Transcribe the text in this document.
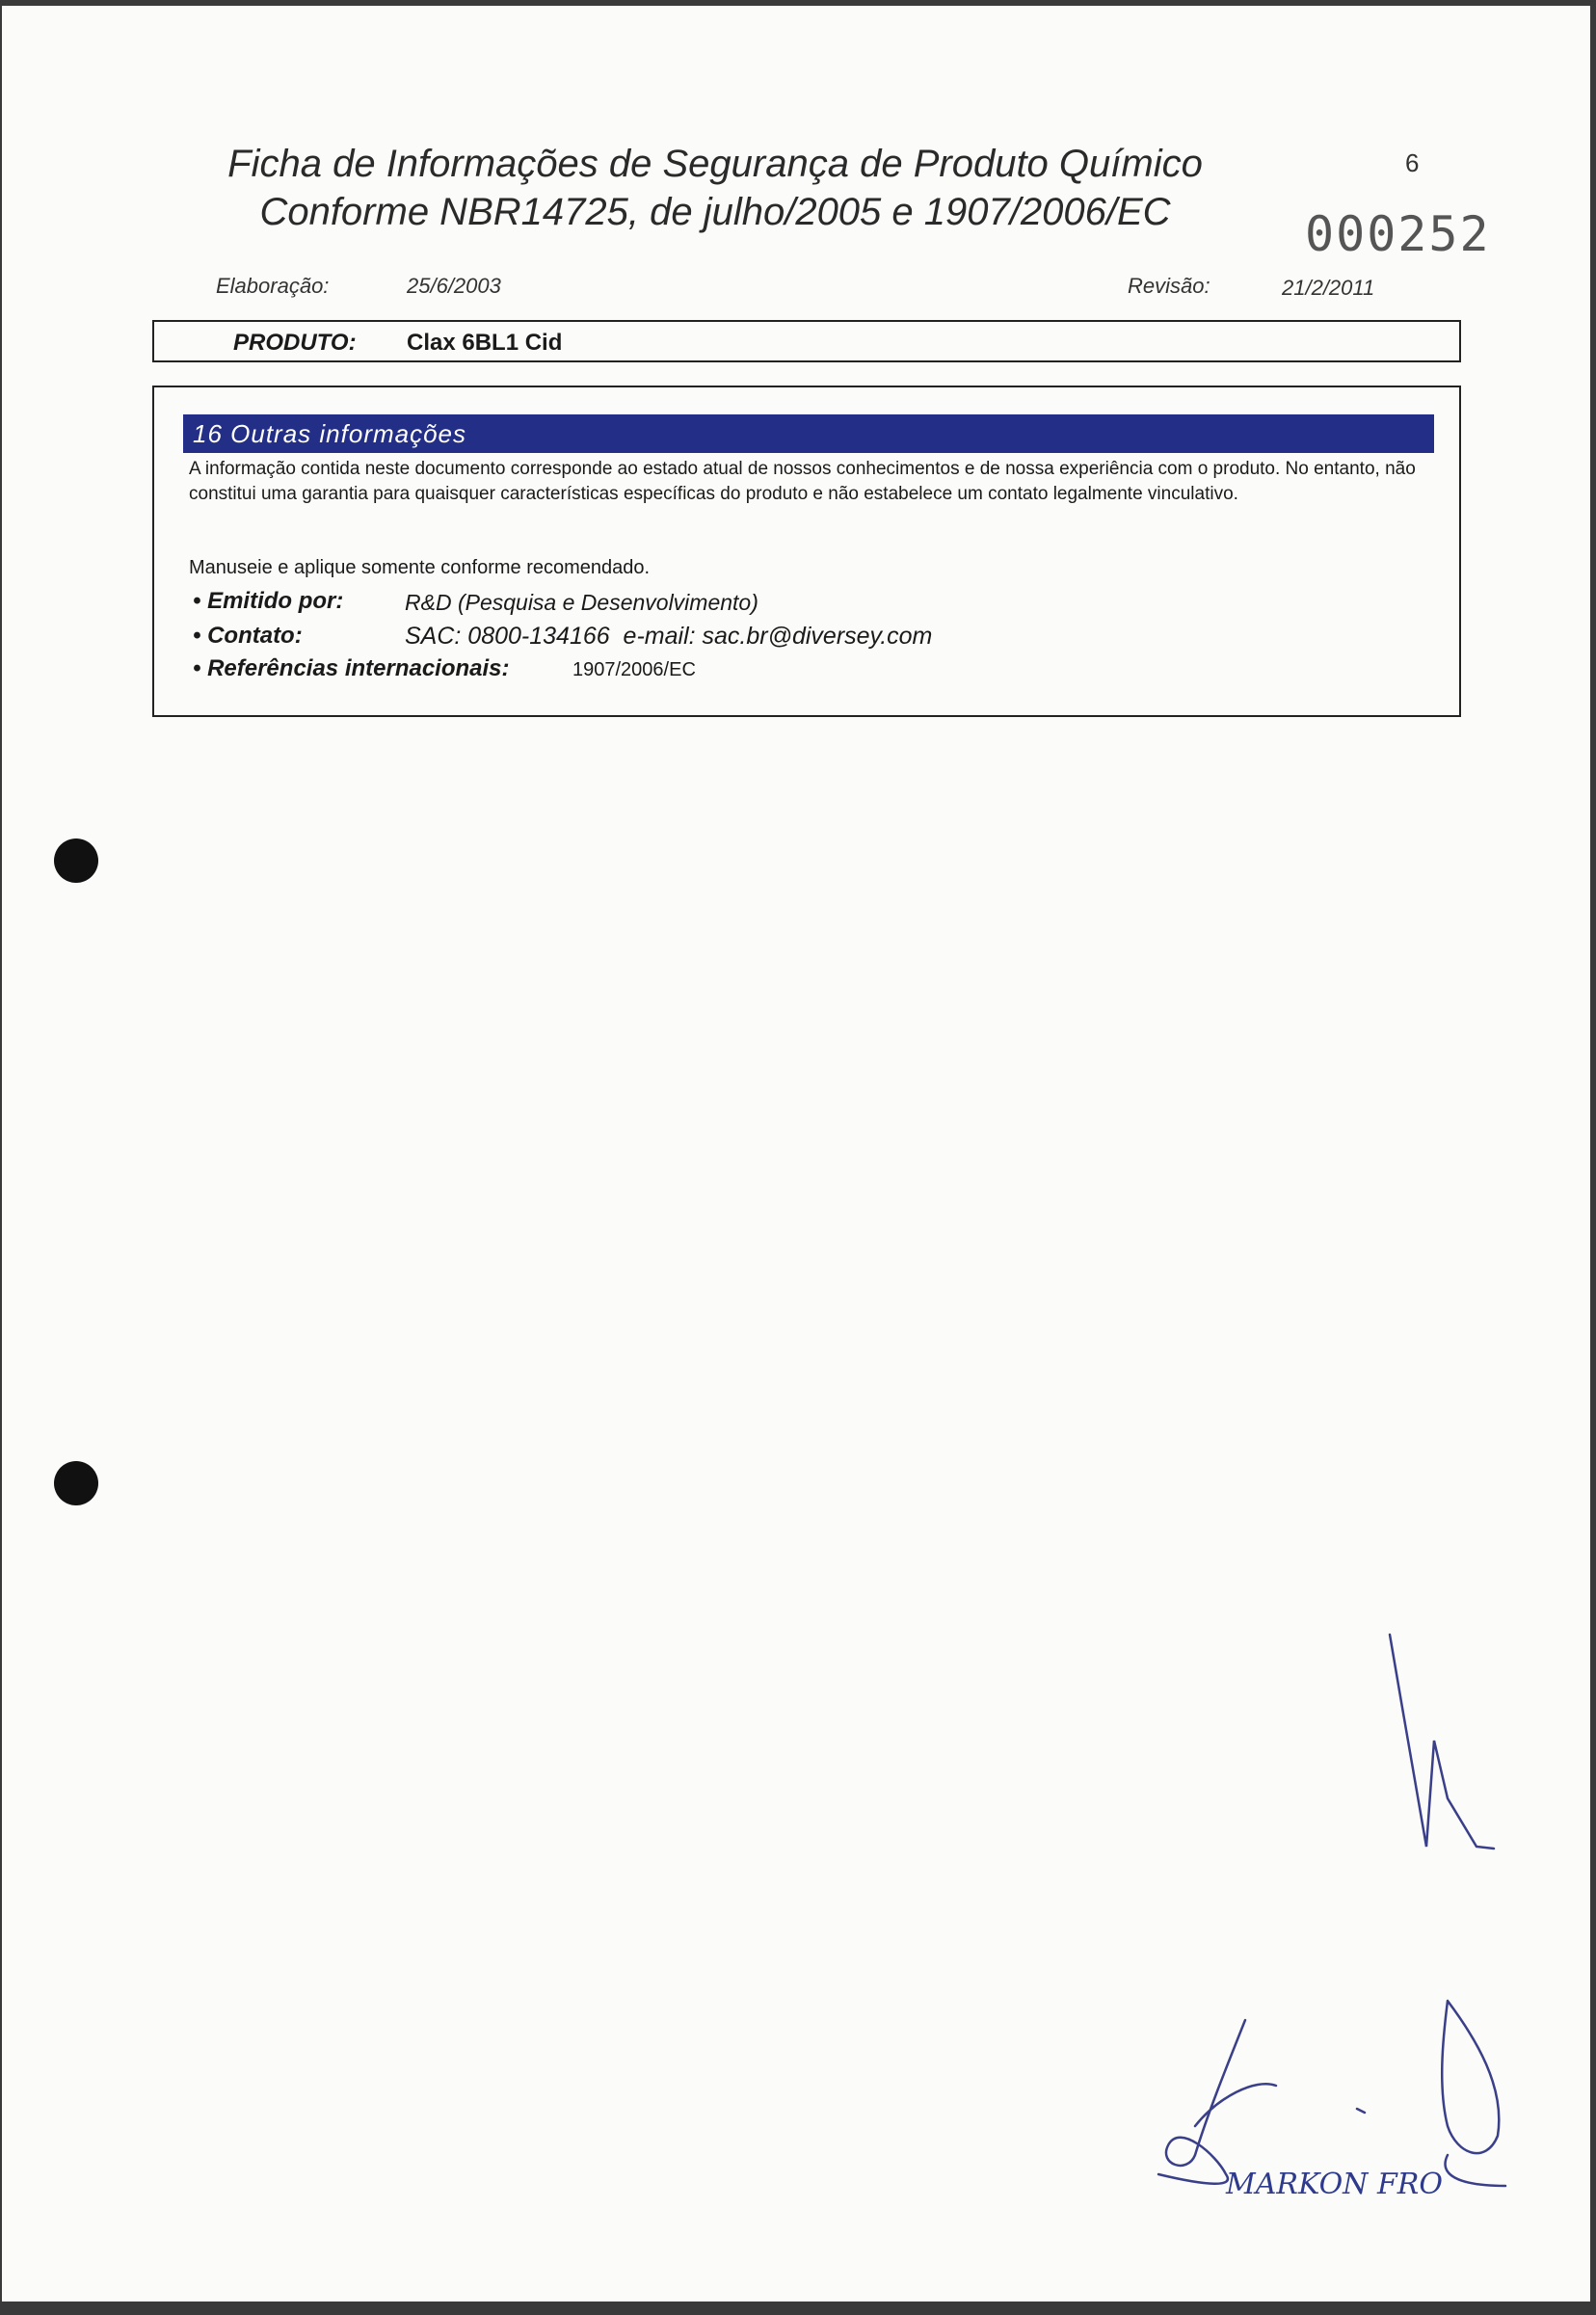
Ficha de Informações de Segurança de Produto Químico
Conforme NBR14725, de julho/2005 e 1907/2006/EC
6
000252
Elaboração:	25/6/2003	Revisão:	21/2/2011
PRODUTO: Clax 6BL1 Cid
16 Outras informações
A informação contida neste documento corresponde ao estado atual de nossos conhecimentos e de nossa experiência com o produto. No entanto, não constitui uma garantia para quaisquer características específicas do produto e não estabelece um contato legalmente vinculativo.
Manuseie e aplique somente conforme recomendado.
• Emitido por:	R&D (Pesquisa e Desenvolvimento)
• Contato:	SAC: 0800-134166  e-mail: sac.br@diversey.com
• Referências internacionais:	1907/2006/EC
MARKON FRO
